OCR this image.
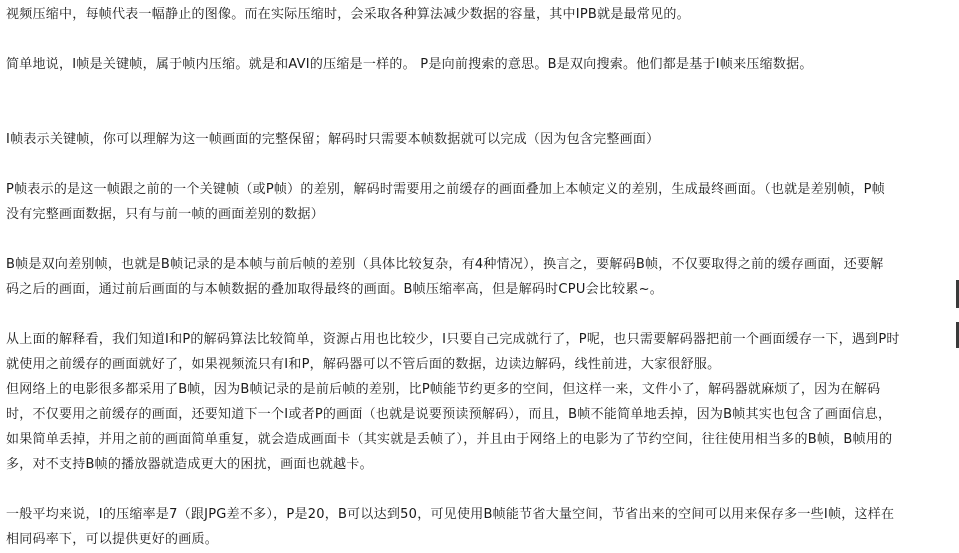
视频压缩中，每帧代表一幅静止的图像。而在实际压缩时，会采取各种算法减少数据的容量，其中IPB就是最常见的。
简单地说，I帧是关键帧，属于帧内压缩。就是和AVI的压缩是一样的。 P是向前搜索的意思。B是双向搜索。他们都是基于I帧来压缩数据。
I帧表示关键帧，你可以理解为这一帧画面的完整保留；解码时只需要本帧数据就可以完成（因为包含完整画面）
P帧表示的是这一帧跟之前的一个关键帧（或P帧）的差别，解码时需要用之前缓存的画面叠加上本帧定义的差别，生成最终画面。（也就是差别帧，P帧
没有完整画面数据，只有与前一帧的画面差别的数据）
B帧是双向差别帧，也就是B帧记录的是本帧与前后帧的差别（具体比较复杂，有4种情况），换言之，要解码B帧，不仅要取得之前的缓存画面，还要解
码之后的画面，通过前后画面的与本帧数据的叠加取得最终的画面。B帧压缩率高，但是解码时CPU会比较累~。
从上面的解释看，我们知道I和P的解码算法比较简单，资源占用也比较少，I只要自己完成就行了，P呢，也只需要解码器把前一个画面缓存一下，遇到P时
就使用之前缓存的画面就好了，如果视频流只有I和P，解码器可以不管后面的数据，边读边解码，线性前进，大家很舒服。
但网络上的电影很多都采用了B帧，因为B帧记录的是前后帧的差别，比P帧能节约更多的空间，但这样一来，文件小了，解码器就麻烦了，因为在解码
时，不仅要用之前缓存的画面，还要知道下一个I或者P的画面（也就是说要预读预解码），而且，B帧不能简单地丢掉，因为B帧其实也包含了画面信息，
如果简单丢掉，并用之前的画面简单重复，就会造成画面卡（其实就是丢帧了），并且由于网络上的电影为了节约空间，往往使用相当多的B帧，B帧用的
多，对不支持B帧的播放器就造成更大的困扰，画面也就越卡。
一般平均来说，I的压缩率是7（跟JPG差不多），P是20，B可以达到50，可见使用B帧能节省大量空间，节省出来的空间可以用来保存多一些I帧，这样在
相同码率下，可以提供更好的画质。
